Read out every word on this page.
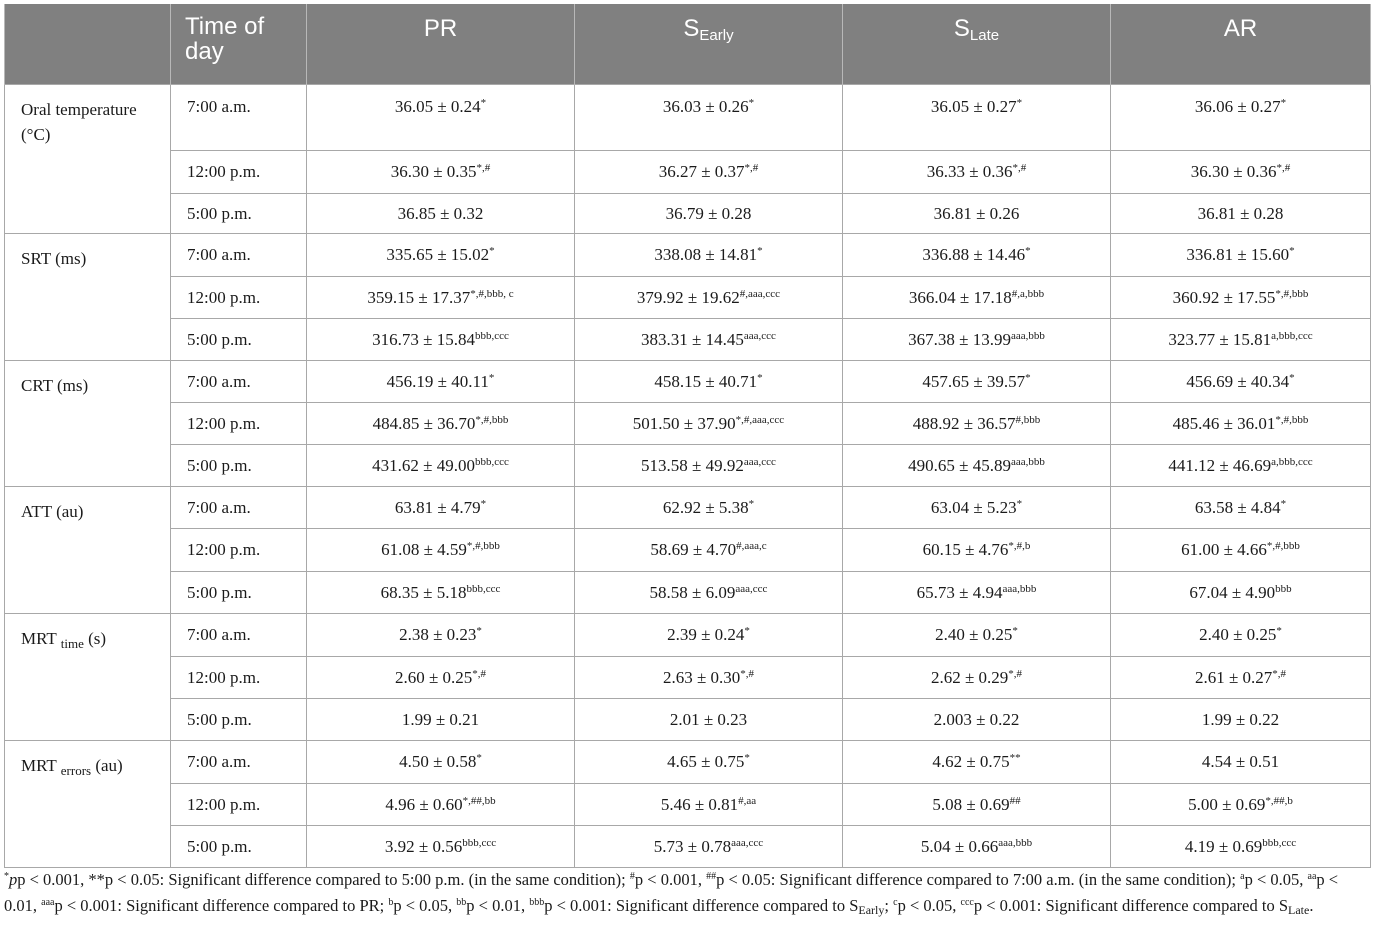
	Time of day	PR	$S_{Early}$	$S_{Late}$	AR
Oral temperature (°C)	7:00 a.m.	36.05 ± 0.24*	36.03 ± 0.26*	36.05 ± 0.27*	36.06 ± 0.27*
	12:00 p.m.	36.30 ± 0.35*,#	36.27 ± 0.37*,#	36.33 ± 0.36*,#	36.30 ± 0.36*,#
	5:00 p.m.	36.85 ± 0.32	36.79 ± 0.28	36.81 ± 0.26	36.81 ± 0.28
SRT (ms)	7:00 a.m.	335.65 ± 15.02*	338.08 ± 14.81*	336.88 ± 14.46*	336.81 ± 15.60*
	12:00 p.m.	$359.15 \pm 17.37^{*,\#,bbb, c}$	$379.92 \pm 19.62^{\#,aaa,ccc}$	$366.04 \pm 17.18^{\#,a,bbb}$	$360.92 \pm 17.55^{*,\#,bbb}$
	5:00 p.m.	$316.73 \pm 15.84^{bbb,ccc}$	$383.31 \pm 14.45^{aaa,ccc}$	$367.38 \pm 13.99^{aaa,bbb}$	$323.77 \pm 15.81^{a,bbb,ccc}$
CRT (ms)	7:00 a.m.	456.19 ± 40.11*	458.15 ± 40.71*	457.65 ± 39.57*	456.69 ± 40.34*
	12:00 p.m.	$484.85 \pm 36.70^{*,\#,bbb}$	$501.50 \pm 37.90^{*,\#,aaa,ccc}$	$488.92 \pm 36.57^{\#,bbb}$	$485.46 \pm 36.01^{*,\#,bbb}$
	5:00 p.m.	$431.62 \pm 49.00^{bbb,ccc}$	$513.58 \pm 49.92^{aaa,ccc}$	$490.65 \pm 45.89^{aaa,bbb}$	$441.12 \pm 46.69^{a,bbb,ccc}$
ATT (au)	7:00 a.m.	63.81 ± 4.79*	62.92 ± 5.38*	63.04 ± 5.23*	63.58 ± 4.84*
	12:00 p.m.	$61.08 \pm 4.59^{*,\#,bbb}$	$58.69 \pm 4.70^{\#,aaa,c}$	$60.15 \pm 4.76^{*,\#,b}$	$61.00 \pm 4.66^{*,\#,bbb}$
	5:00 p.m.	$68.35 \pm 5.18^{bbb,ccc}$	$58.58 \pm 6.09^{aaa,ccc}$	$65.73 \pm 4.94^{aaa,bbb}$	67.04 ± 4.90$^{bbb}$
MRT $_{time}$ (s)	7:00 a.m.	2.38 ± 0.23*	2.39 ± 0.24*	2.40 ± 0.25*	2.40 ± 0.25*
	12:00 p.m.	2.60 ± 0.25*,#	2.63 ± 0.30*,#	2.62 ± 0.29*,#	2.61 ± 0.27*,#
	5:00 p.m.	1.99 ± 0.21	2.01 ± 0.23	2.003 ± 0.22	1.99 ± 0.22
MRT $_{errors}$ (au)	7:00 a.m.	4.50 ± 0.58*	4.65 ± 0.75*	4.62 ± 0.75**	4.54 ± 0.51
	12:00 p.m.	$4.96 \pm 0.60^{*,\#\#,bb}$	$5.46 \pm 0.81^{\#,aa}$	5.08 ± 0.69##	$5.00 \pm 0.69^{*,\#\#,b}$
	5:00 p.m.	$3.92 \pm 0.56^{bbb,ccc}$	$5.73 \pm 0.78^{aaa,ccc}$	$5.04 \pm 0.66^{aaa,bbb}$	$4.19 \pm 0.69^{bbb,ccc}$
*pp < 0.001, **p < 0.05: Significant difference compared to 5:00 p.m. (in the same condition); #p < 0.001, ##p < 0.05: Significant difference compared to 7:00 a.m. (in the same condition); $^a$p < 0.05, $^{aa}$p < 0.01, $^{aaa}$p < 0.001: Significant difference compared to PR; $^b$p < 0.05, $^{bb}$p < 0.01, $^{bbb}$p < 0.001: Significant difference compared to SEarly; $^c$p < 0.05, $^{ccc}$p < 0.001: Significant difference compared to SLate.
